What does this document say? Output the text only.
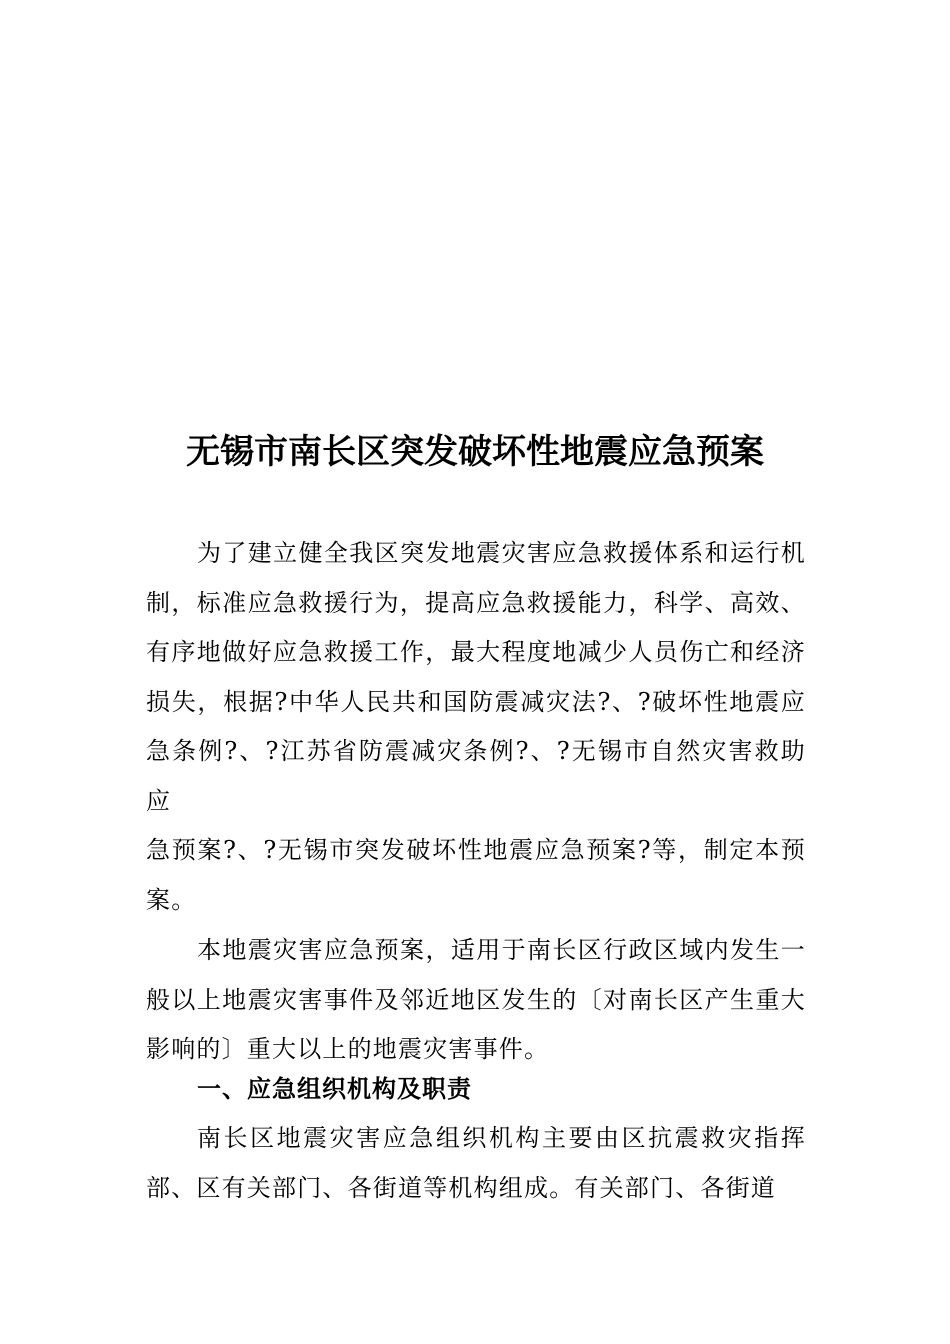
无锡市南长区突发破坏性地震应急预案

为了建立健全我区突发地震灾害应急救援体系和运行机制，标准应急救援行为，提高应急救援能力，科学、高效、有序地做好应急救援工作，最大程度地减少人员伤亡和经济损失，根据?中华人民共和国防震减灾法?、?破坏性地震应急条例?、?江苏省防震减灾条例?、?无锡市自然灾害救助应

急预案?、?无锡市突发破坏性地震应急预案?等，制定本预案。

本地震灾害应急预案，适用于南长区行政区域内发生一般以上地震灾害事件及邻近地区发生的〔对南长区产生重大影响的〕重大以上的地震灾害事件。

一、应急组织机构及职责

南长区地震灾害应急组织机构主要由区抗震救灾指挥部、区有关部门、各街道等机构组成。有关部门、各街道
